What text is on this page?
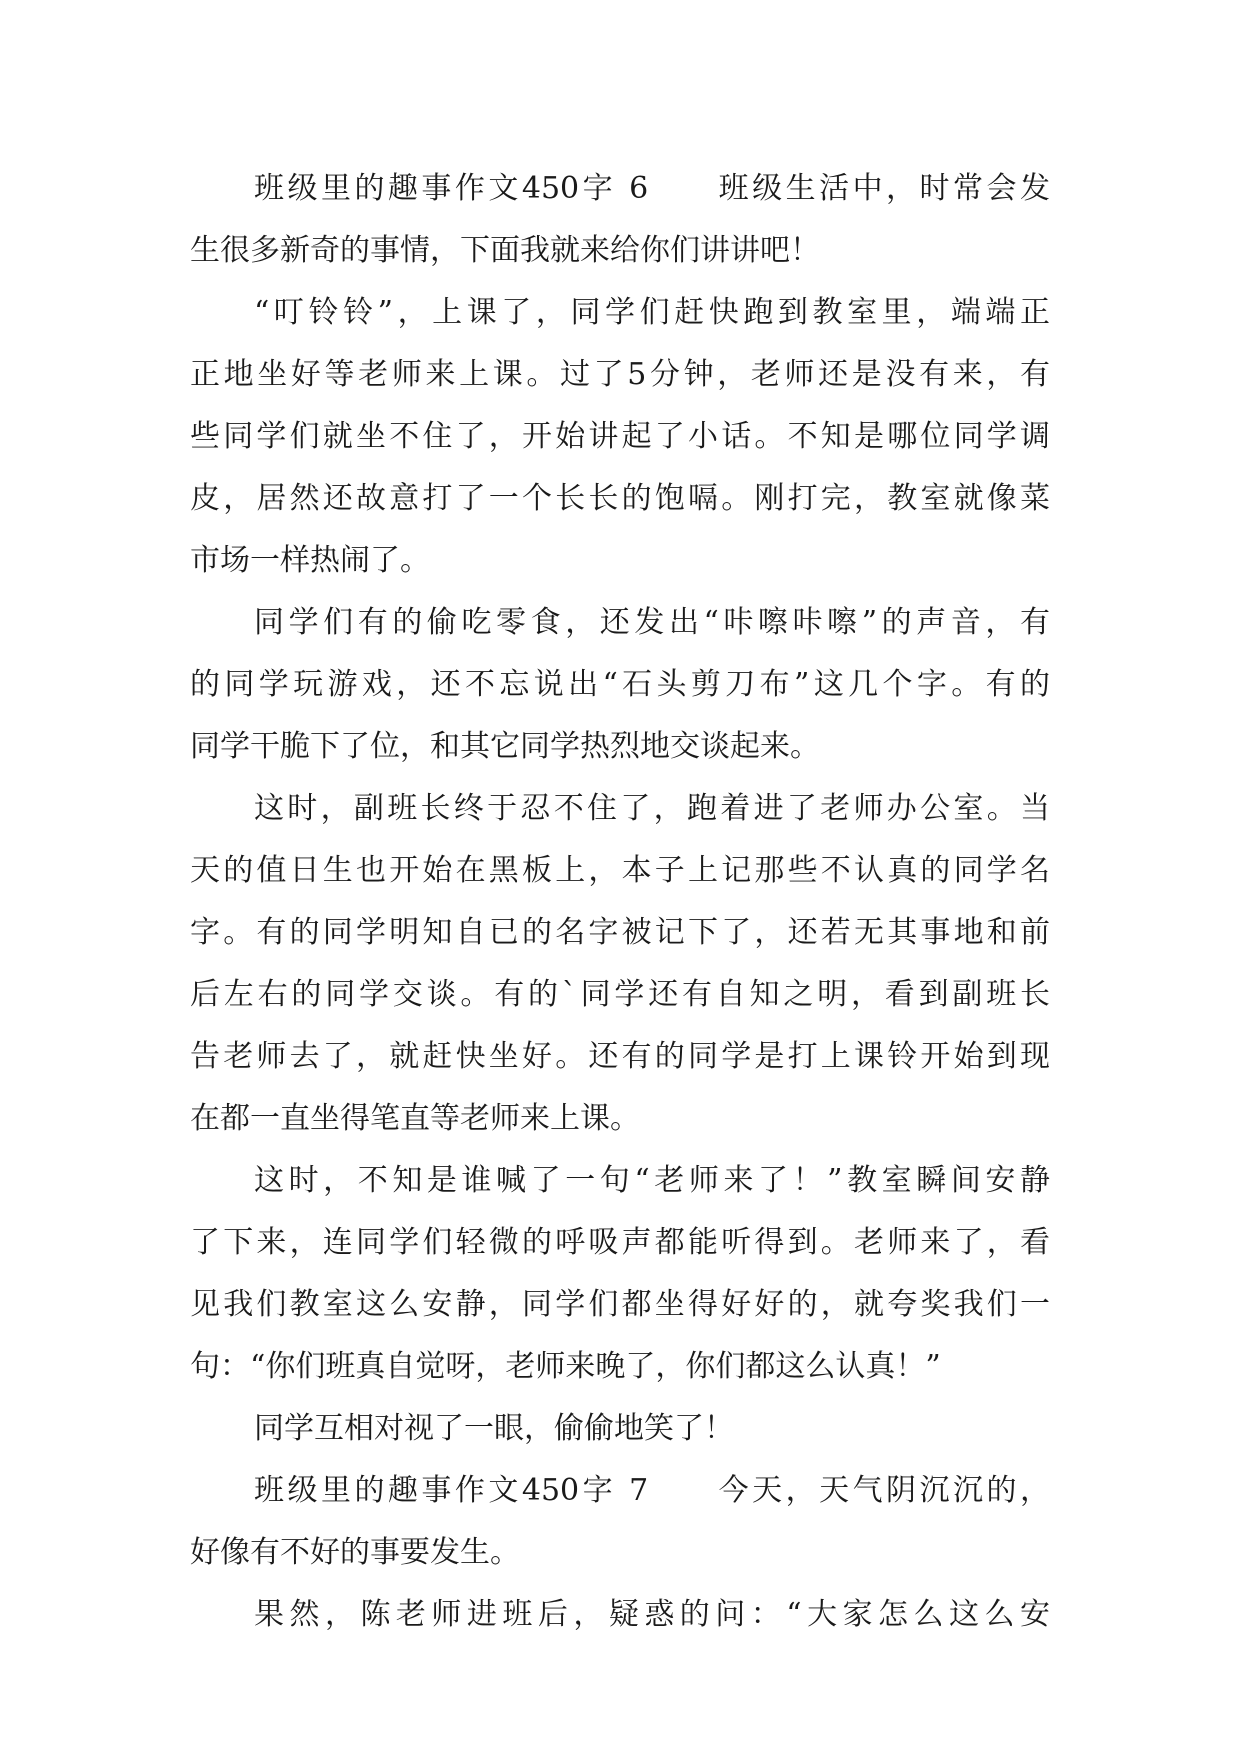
班级里的趣事作文450字 6　　班级生活中，时常会发
生很多新奇的事情，下面我就来给你们讲讲吧！
“叮铃铃”，上课了，同学们赶快跑到教室里，端端正
正地坐好等老师来上课。过了5分钟，老师还是没有来，有
些同学们就坐不住了，开始讲起了小话。不知是哪位同学调
皮，居然还故意打了一个长长的饱嗝。刚打完，教室就像菜
市场一样热闹了。
同学们有的偷吃零食，还发出“咔嚓咔嚓”的声音，有
的同学玩游戏，还不忘说出“石头剪刀布”这几个字。有的
同学干脆下了位，和其它同学热烈地交谈起来。
这时，副班长终于忍不住了，跑着进了老师办公室。当
天的值日生也开始在黑板上，本子上记那些不认真的同学名
字。有的同学明知自已的名字被记下了，还若无其事地和前
后左右的同学交谈。有的`同学还有自知之明，看到副班长
告老师去了，就赶快坐好。还有的同学是打上课铃开始到现
在都一直坐得笔直等老师来上课。
这时，不知是谁喊了一句“老师来了！”教室瞬间安静
了下来，连同学们轻微的呼吸声都能听得到。老师来了，看
见我们教室这么安静，同学们都坐得好好的，就夸奖我们一
句：“你们班真自觉呀，老师来晚了，你们都这么认真！”
同学互相对视了一眼，偷偷地笑了！
班级里的趣事作文450字 7　　今天，天气阴沉沉的，
好像有不好的事要发生。
果然，陈老师进班后，疑惑的问：“大家怎么这么安
